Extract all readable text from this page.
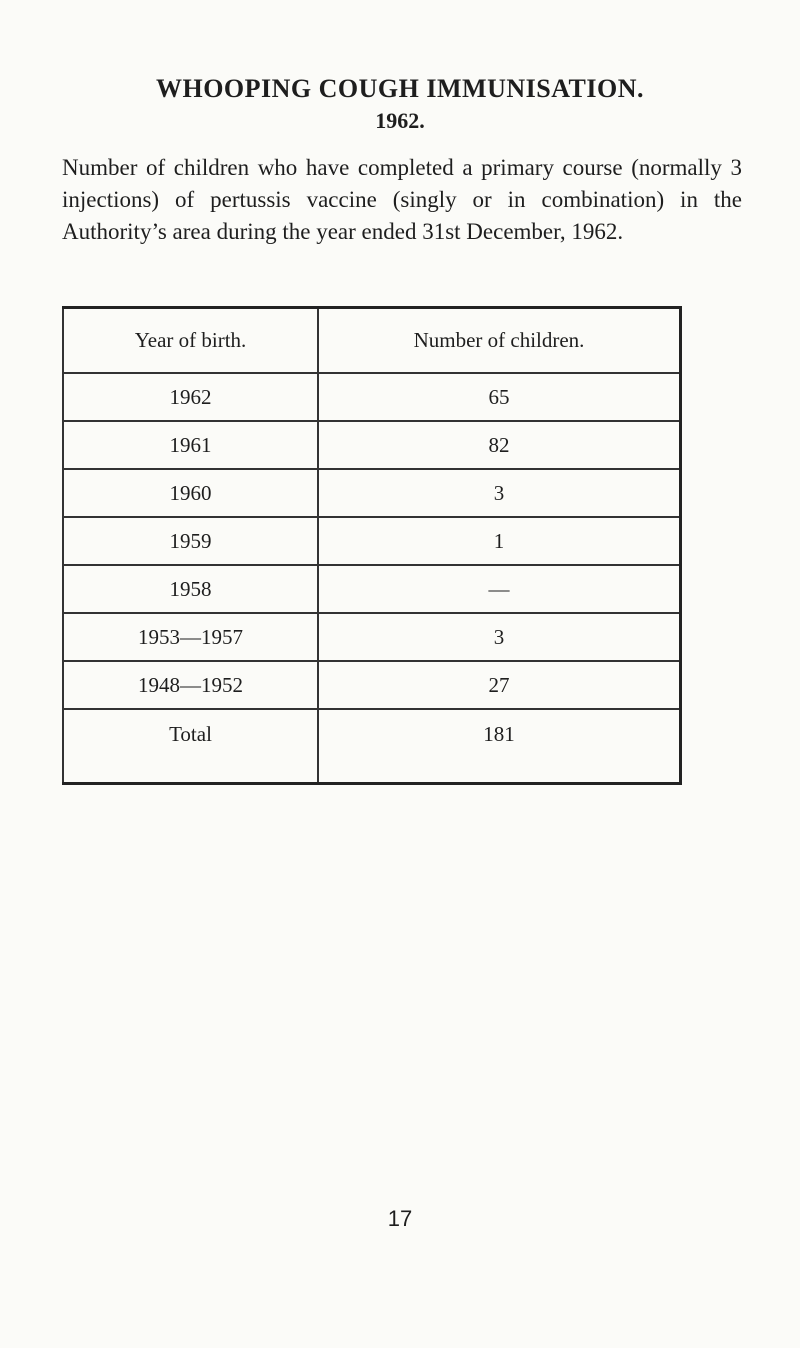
WHOOPING COUGH IMMUNISATION.
1962.

Number of children who have completed a primary course (normally 3 injections) of pertussis vaccine (singly or in combination) in the Authority’s area during the year ended 31st December, 1962.

Year of birth.	Number of children.
1962	65
1961	82
1960	3
1959	1
1958	—
1953—1957	3
1948—1952	27
Total	181
17
